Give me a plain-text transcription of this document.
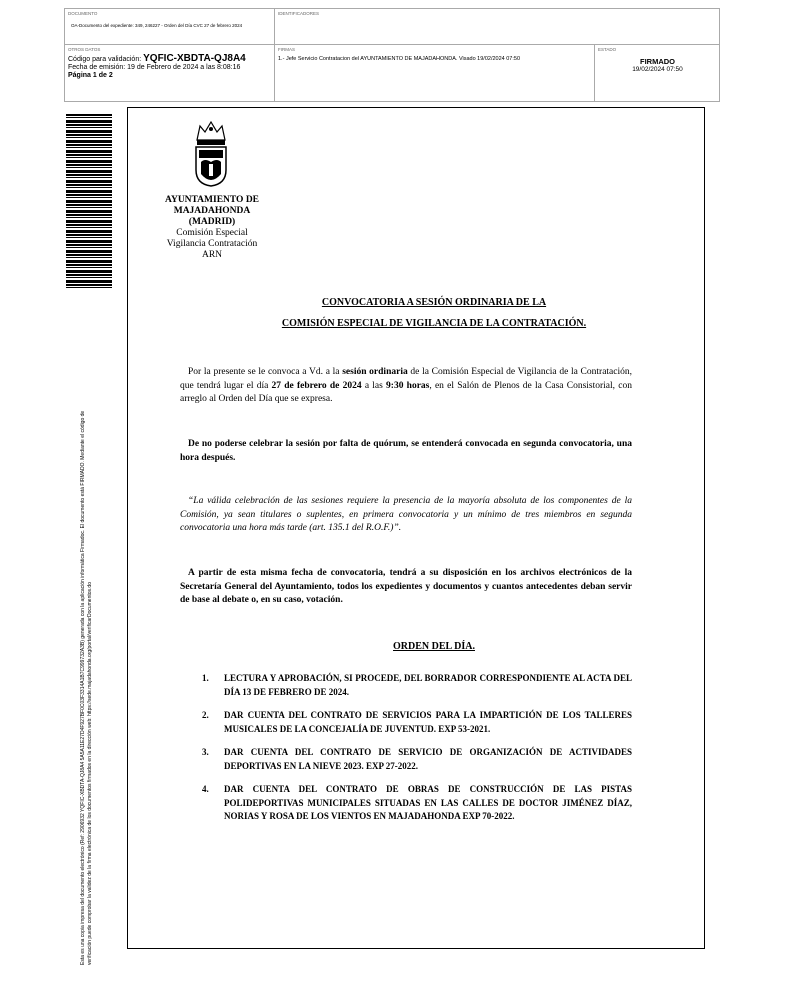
DOCUMENTO
OA-Documento del expediente: 349, 246227 - Orden del Día CVC 27 de febrero 2024
IDENTIFICADORES
OTROS DATOS
Código para validación: YQFIC-XBDTA-QJ8A4
Fecha de emisión: 19 de Febrero de 2024 a las 8:08:16
Página 1 de 2
FIRMAS
1.- Jefe Servicio Contratacion del AYUNTAMIENTO DE MAJADAHONDA. Visado 19/02/2024 07:50
ESTADO
FIRMADO
19/02/2024 07:50
Esta es una copia impresa del documento electrónico (Ref: 2906932 YQFIC-XBDTA-QJ8A4 5A5A11E27D4F927BF0C03F3314A1B7C999732A3B) generada con la aplicación informática Firmadoc. El documento está FIRMADO. Mediante el código de verificación puede comprobar la validez de la firma electrónica de los documentos firmados en la dirección web: https://sede.majadahonda.org/portal/verificarDocumentos.do
AYUNTAMIENTO DE
MAJADAHONDA
(MADRID)
Comisión Especial
Vigilancia Contratación
ARN
CONVOCATORIA A SESIÓN ORDINARIA DE LA
COMISIÓN ESPECIAL DE VIGILANCIA DE LA CONTRATACIÓN.
Por la presente se le convoca a Vd. a la sesión ordinaria de la Comisión Especial de Vigilancia de la Contratación, que tendrá lugar el día 27 de febrero de 2024 a las 9:30 horas, en el Salón de Plenos de la Casa Consistorial, con arreglo al Orden del Día que se expresa.
De no poderse celebrar la sesión por falta de quórum, se entenderá convocada en segunda convocatoria, una hora después.
“La válida celebración de las sesiones requiere la presencia de la mayoría absoluta de los componentes de la Comisión, ya sean titulares o suplentes, en primera convocatoria y un mínimo de tres miembros en segunda convocatoria una hora más tarde (art. 135.1 del R.O.F.)”.
A partir de esta misma fecha de convocatoria, tendrá a su disposición en los archivos electrónicos de la Secretaría General del Ayuntamiento, todos los expedientes y documentos y cuantos antecedentes deban servir de base al debate o, en su caso, votación.
ORDEN DEL DÍA.
1. LECTURA Y APROBACIÓN, SI PROCEDE, DEL BORRADOR CORRESPONDIENTE AL ACTA DEL DÍA 13 DE FEBRERO DE 2024.
2. DAR CUENTA DEL CONTRATO DE SERVICIOS PARA LA IMPARTICIÓN DE LOS TALLERES MUSICALES DE LA CONCEJALÍA DE JUVENTUD. EXP 53-2021.
3. DAR CUENTA DEL CONTRATO DE SERVICIO DE ORGANIZACIÓN DE ACTIVIDADES DEPORTIVAS EN LA NIEVE 2023. EXP 27-2022.
4. DAR CUENTA DEL CONTRATO DE OBRAS DE CONSTRUCCIÓN DE LAS PISTAS POLIDEPORTIVAS MUNICIPALES SITUADAS EN LAS CALLES DE DOCTOR JIMÉNEZ DÍAZ, NORIAS Y ROSA DE LOS VIENTOS EN MAJADAHONDA EXP 70-2022.
